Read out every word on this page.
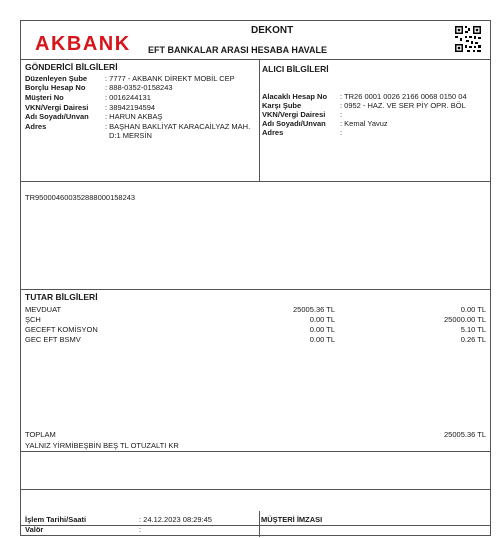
AKBANK
DEKONT
EFT BANKALAR ARASI HESABA HAVALE
GÖNDERİCİ BİLGİLERİ
Düzenleyen Şube : 7777 - AKBANK DİREKT MOBİL CEP
Borçlu Hesap No	: 888-0352-0158243
Müşteri No	: 0016244131
VKN/Vergi Dairesi : 38942194594
Adı Soyadı/Unvan : HARUN AKBAŞ
Adres	: BAŞHAN BAKLİYAT KARACAİLYAZ MAH.
D:1 MERSİN
ALICI BİLGİLERİ
Alacaklı Hesap No : TR26 0001 0026 2166 0068 0150 04
Karşı Şube	: 0952 - HAZ. VE SER PİY OPR. BÖL
VKN/Vergi Dairesi :
Adı Soyadı/Unvan : Kemal Yavuz
Adres	:
TR950004600352888000158243
TUTAR BİLGİLERİ
MEVDUAT	25005.36 TL	0.00 TL
ŞCH	0.00 TL	25000.00 TL
GECEFT KOMİSYON	0.00 TL	5.10 TL
GEC EFT BSMV	0.00 TL	0.26 TL
TOPLAM	25005.36 TL
YALNIZ YİRMİBEŞBİN BEŞ TL OTUZALTI KR
İşlem Tarihi/Saati	: 24.12.2023 08:29:45
Valör	:
MÜŞTERİ İMZASI
